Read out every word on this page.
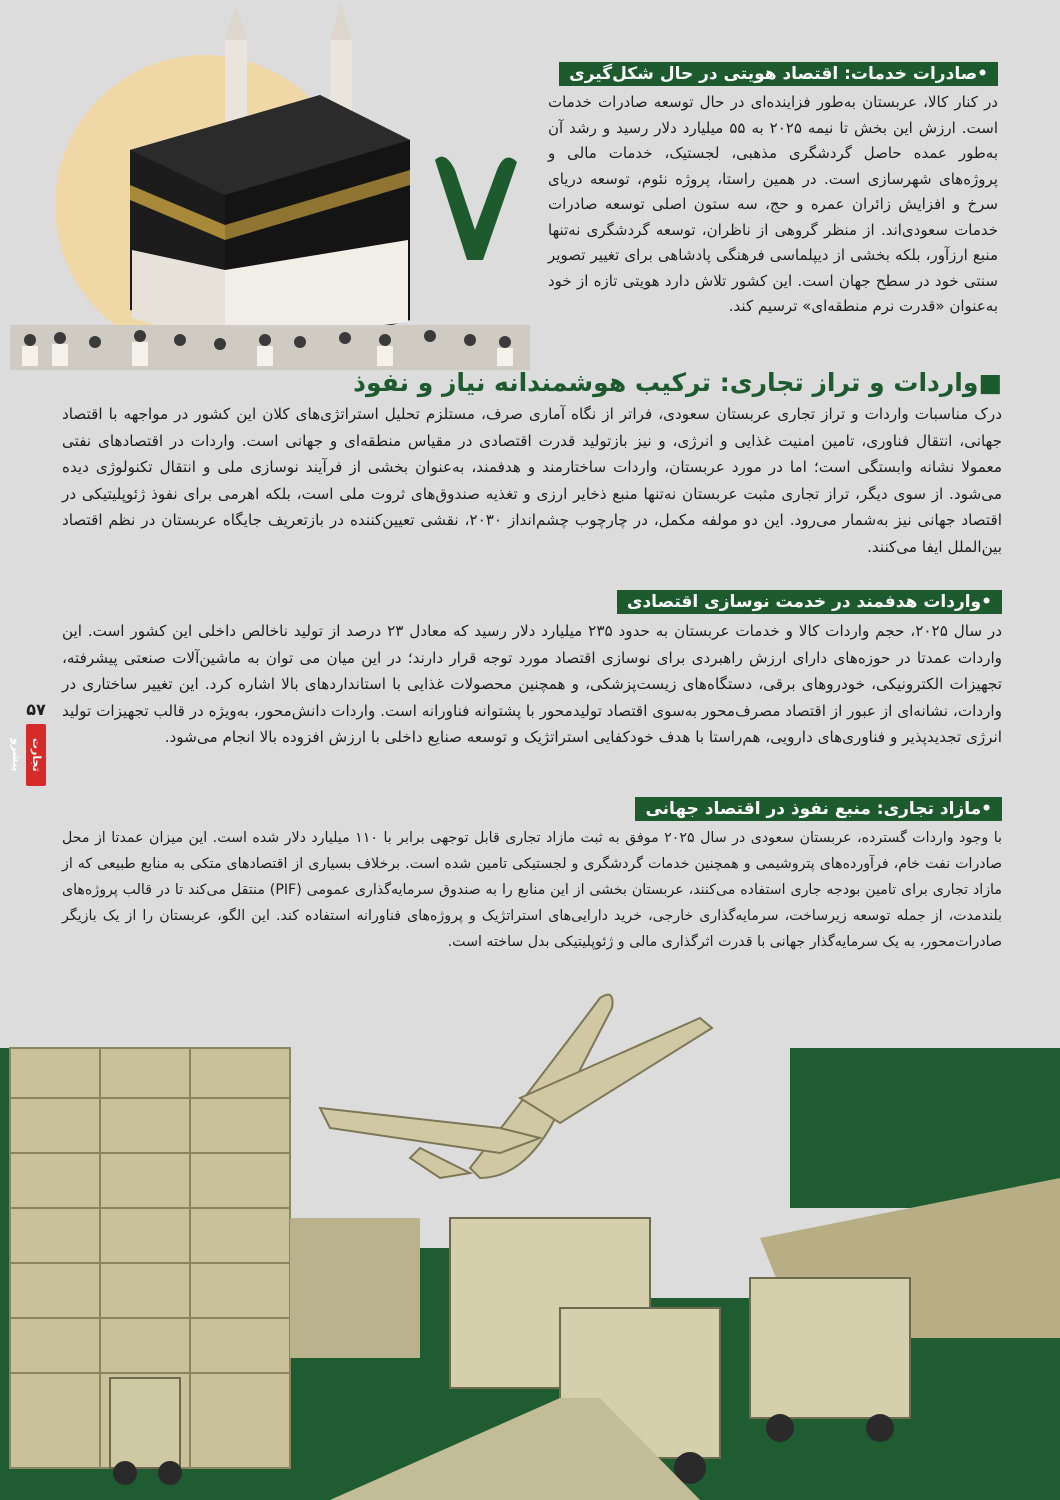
•صادرات خدمات: اقتصاد هویتی در حال شکل‌گیری

در کنار کالا، عربستان به‌طور فزاینده‌ای در حال توسعه صادرات خدمات است. ارزش این بخش تا نیمه ۲۰۲۵ به ۵۵ میلیارد دلار رسید و رشد آن به‌طور عمده حاصل گردشگری مذهبی، لجستیک، خدمات مالی و پروژه‌های شهرسازی است. در همین راستا، پروژه نئوم، توسعه دریای سرخ و افزایش زائران عمره و حج، سه ستون اصلی توسعه صادرات خدمات سعودی‌اند. از منظر گروهی از ناظران، توسعه گردشگری نه‌تنها منبع ارزآور، بلکه بخشی از دیپلماسی فرهنگی پادشاهی برای تغییر تصویر سنتی خود در سطح جهان است. این کشور تلاش دارد هویتی تازه از خود به‌عنوان «قدرت نرم منطقه‌ای» ترسیم کند.

■واردات و تراز تجاری: ترکیب هوشمندانه نیاز و نفوذ

درک مناسبات واردات و تراز تجاری عربستان سعودی، فراتر از نگاه آماری صرف، مستلزم تحلیل استراتژی‌های کلان این کشور در مواجهه با اقتصاد جهانی، انتقال فناوری، تامین امنیت غذایی و انرژی، و نیز بازتولید قدرت اقتصادی در مقیاس منطقه‌ای و جهانی است. واردات در اقتصادهای نفتی معمولا نشانه وابستگی است؛ اما در مورد عربستان، واردات ساختارمند و هدفمند، به‌عنوان بخشی از فرآیند نوسازی ملی و انتقال تکنولوژی دیده می‌شود. از سوی دیگر، تراز تجاری مثبت عربستان نه‌تنها منبع ذخایر ارزی و تغذیه صندوق‌های ثروت ملی است، بلکه اهرمی برای نفوذ ژئوپلیتیکی در اقتصاد جهانی نیز به‌شمار می‌رود. این دو مولفه مکمل، در چارچوب چشم‌انداز ۲۰۳۰، نقشی تعیین‌کننده در بازتعریف جایگاه عربستان در نظم اقتصاد بین‌الملل ایفا می‌کنند.

•واردات هدفمند در خدمت نوسازی اقتصادی

در سال ۲۰۲۵، حجم واردات کالا و خدمات عربستان به حدود ۲۳۵ میلیارد دلار رسید که معادل ۲۳ درصد از تولید ناخالص داخلی این کشور است. این واردات عمدتا در حوزه‌های دارای ارزش راهبردی برای نوسازی اقتصاد مورد توجه قرار دارند؛ در این میان می توان به ماشین‌آلات صنعتی پیشرفته، تجهیزات الکترونیکی، خودروهای برقی، دستگاه‌های زیست‌پزشکی، و همچنین محصولات غذایی با استانداردهای بالا اشاره کرد. این تغییر ساختاری در واردات، نشانه‌ای از عبور از اقتصاد مصرف‌محور به‌سوی اقتصاد تولیدمحور با پشتوانه فناورانه است. واردات دانش‌محور، به‌ویژه در قالب تجهیزات تولید انرژی تجدیدپذیر و فناوری‌های دارویی، هم‌راستا با هدف خودکفایی استراتژیک و توسعه صنایع داخلی با ارزش افزوده بالا انجام می‌شود.

•مازاد تجاری: منبع نفوذ در اقتصاد جهانی

با وجود واردات گسترده، عربستان سعودی در سال ۲۰۲۵ موفق به ثبت مازاد تجاری قابل توجهی برابر با ۱۱۰ میلیارد دلار شده است. این میزان عمدتا از محل صادرات نفت خام، فرآورده‌های پتروشیمی و همچنین خدمات گردشگری و لجستیکی تامین شده است. برخلاف بسیاری از اقتصادهای متکی به منابع طبیعی که از مازاد تجاری برای تامین بودجه جاری استفاده می‌کنند، عربستان بخشی از این منابع را به صندوق سرمایه‌گذاری عمومی (PIF) منتقل می‌کند تا در قالب پروژه‌های بلندمدت، از جمله توسعه زیرساخت، سرمایه‌گذاری خارجی، خرید دارایی‌های استراتژیک و پروژه‌های فناورانه استفاده کند. این الگو، عربستان را از یک بازیگر صادرات‌محور، به یک سرمایه‌گذار جهانی با قدرت اثرگذاری مالی و ژئوپلیتیکی بدل ساخته است.

۵۷
تجارت‌ پیشرو
